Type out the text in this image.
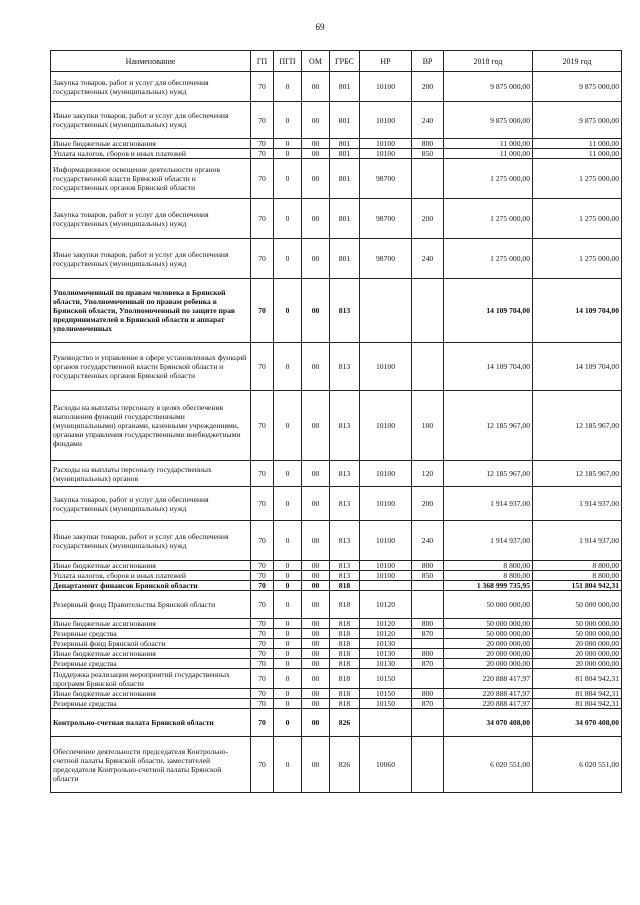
69
Наименование	ГП	ПГП	ОМ	ГРБС	НР	ВР	2018 год	2019 год
Закупка товаров, работ и услуг для обеспечения государственных (муниципальных) нужд	70	0	00	801	10100	200	9 875 000,00	9 875 000,00
Иные закупки товаров, работ и услуг для обеспечения государственных (муниципальных) нужд	70	0	00	801	10100	240	9 875 000,00	9 875 000,00
Иные бюджетные ассигнования	70	0	00	801	10100	800	11 000,00	11 000,00
Уплата налогов, сборов и иных платежей	70	0	00	801	10100	850	11 000,00	11 000,00
Информационное освещение деятельности органов государственной власти Брянской области и государственных органов Брянской области	70	0	00	801	98700		1 275 000,00	1 275 000,00
Закупка товаров, работ и услуг для обеспечения государственных (муниципальных) нужд	70	0	00	801	98700	200	1 275 000,00	1 275 000,00
Иные закупки товаров, работ и услуг для обеспечения государственных (муниципальных) нужд	70	0	00	801	98700	240	1 275 000,00	1 275 000,00
Уполномоченный по правам человека в Брянской области, Уполномоченный по правам ребенка в Брянской области, Уполномоченный по защите прав предпринимателей в Брянской области и аппарат уполномоченных	70	0	00	813			14 109 704,00	14 109 704,00
Руководство и управление в сфере установленных функций органов государственной власти Брянской области и государственных органов Брянской области	70	0	00	813	10100		14 109 704,00	14 109 704,00
Расходы на выплаты персоналу в целях обеспечения выполнения функций государственными (муниципальными) органами, казенными учреждениями, органами управления государственными внебюджетными фондами	70	0	00	813	10100	100	12 185 967,00	12 185 967,00
Расходы на выплаты персоналу государственных (муниципальных) органов	70	0	00	813	10100	120	12 185 967,00	12 185 967,00
Закупка товаров, работ и услуг для обеспечения государственных (муниципальных) нужд	70	0	00	813	10100	200	1 914 937,00	1 914 937,00
Иные закупки товаров, работ и услуг для обеспечения государственных (муниципальных) нужд	70	0	00	813	10100	240	1 914 937,00	1 914 937,00
Иные бюджетные ассигнования	70	0	00	813	10100	800	8 800,00	8 800,00
Уплата налогов, сборов и иных платежей	70	0	00	813	10100	850	8 800,00	8 800,00
Департамент финансов Брянской области	70	0	00	818			1 368 999 735,95	151 804 942,31
Резервный фонд Правительства Брянской области	70	0	00	818	10120		50 000 000,00	50 000 000,00
Иные бюджетные ассигнования	70	0	00	818	10120	800	50 000 000,00	50 000 000,00
Резервные средства	70	0	00	818	10120	870	50 000 000,00	50 000 000,00
Резервный фонд Брянской области	70	0	00	818	10130		20 000 000,00	20 000 000,00
Иные бюджетные ассигнования	70	0	00	818	10130	800	20 000 000,00	20 000 000,00
Резервные средства	70	0	00	818	10130	870	20 000 000,00	20 000 000,00
Поддержка реализации мероприятий государственных программ Брянской области	70	0	00	818	10150		220 888 417,97	81 804 942,31
Иные бюджетные ассигнования	70	0	00	818	10150	800	220 888 417,97	81 804 942,31
Резервные средства	70	0	00	818	10150	870	220 888 417,97	81 804 942,31
Контрольно-счетная палата Брянской области	70	0	00	826			34 070 408,00	34 070 408,00
Обеспечение деятельности председателя Контрольно-счетной палаты Брянской области, заместителей председателя Контрольно-счетной палаты Брянской области	70	0	00	826	10060		6 020 551,00	6 020 551,00
